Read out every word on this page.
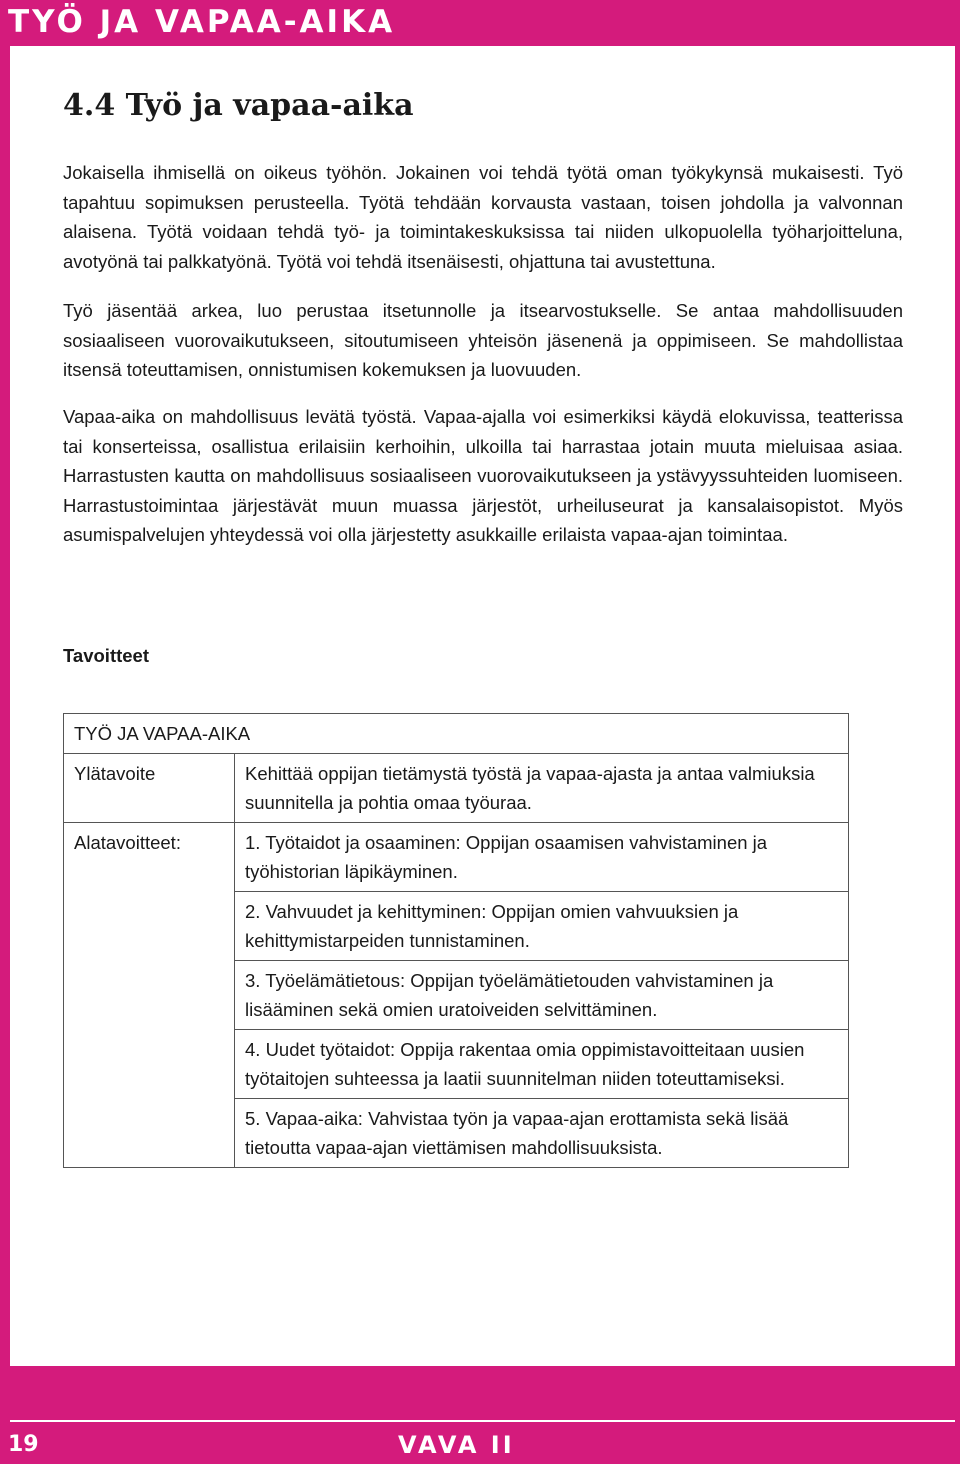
TYÖ JA VAPAA-AIKA
4.4 Työ ja vapaa-aika

Jokaisella ihmisellä on oikeus työhön. Jokainen voi tehdä työtä oman työkykynsä mukaisesti. Työ tapahtuu sopimuksen perusteella. Työtä tehdään korvausta vastaan, toisen johdolla ja valvonnan alaisena. Työtä voidaan tehdä työ- ja toimintakeskuksissa tai niiden ulkopuolella työharjoittelunа, avotyönä tai palkkatyönä. Työtä voi tehdä itsenäisesti, ohjattuna tai avustettuna.

Työ jäsentää arkea, luo perustaa itsetunnolle ja itsearvostukselle. Se antaa mahdollisuuden sosiaaliseen vuorovaikutukseen, sitoutumiseen yhteisön jäsenenä ja oppimiseen. Se mahdollistaa itsensä toteuttamisen, onnistumisen kokemuksen ja luovuuden.

Vapaa-aika on mahdollisuus levätä työstä. Vapaa-ajalla voi esimerkiksi käydä elokuvissa, teatterissa tai konserteissa, osallistua erilaisiin kerhoihin, ulkoilla tai harrastaa jotain muuta mieluisaa asiaa. Harrastusten kautta on mahdollisuus sosiaaliseen vuorovaikutukseen ja ystävyyssuhteiden luomiseen. Harrastustoimintaa järjestävät muun muassa järjestöt, urheiluseurat ja kansalaisopistot. Myös asumispalvelujen yhteydessä voi olla järjestetty asukkaille erilaista vapaa-ajan toimintaa.

Tavoitteet
TYÖ JA VAPAA-AIKA	
Ylätavoite	Kehittää oppijan tietämystä työstä ja vapaa-ajasta ja antaa valmiuksia suunnitella ja pohtia omaa työuraa.
Alatavoitteet:	1. Työtaidot ja osaaminen: Oppijan osaamisen vahvistaminen ja työhistorian läpikäyminen.
	2. Vahvuudet ja kehittyminen: Oppijan omien vahvuuksien ja kehittymistarpeiden tunnistaminen.
	3. Työelämätietous: Oppijan työelämätietouden vahvistaminen ja lisääminen sekä omien uratoiveiden selvittäminen.
	4. Uudet työtaidot: Oppija rakentaa omia oppimistavoitteitaan uusien työtaitojen suhteessa ja laatii suunnitelman niiden toteuttamiseksi.
	5. Vapaa-aika: Vahvistaa työn ja vapaa-ajan erottamista sekä lisää tietoutta vapaa-ajan viettämisen mahdollisuuksista.
19	VAVA II
